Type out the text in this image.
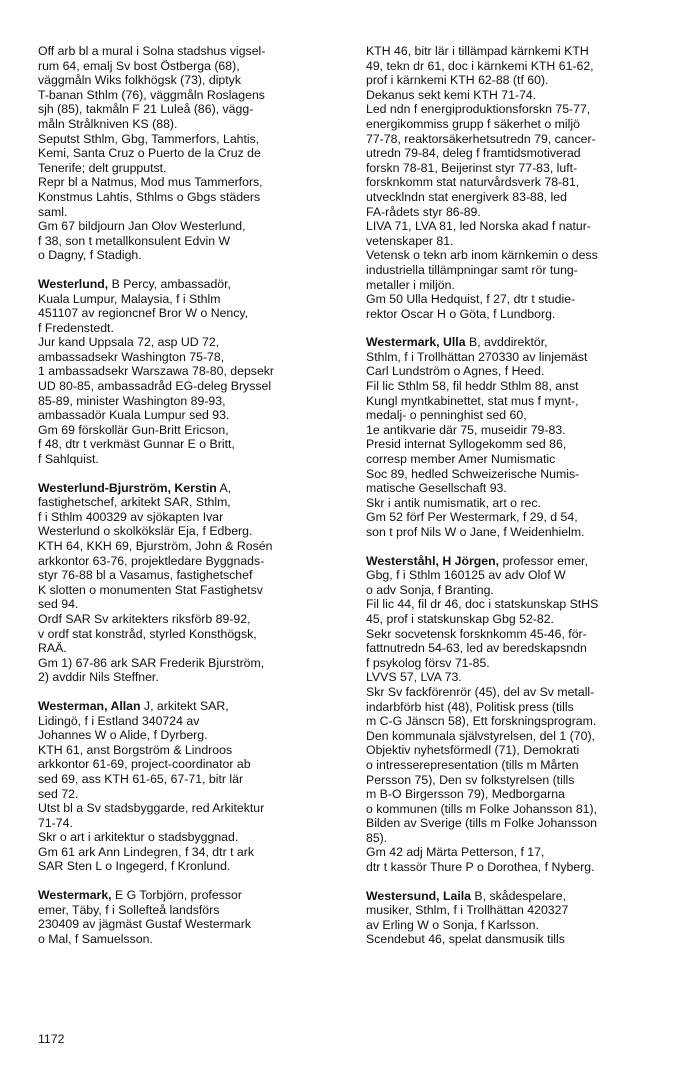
Off arb bl a mural i Solna stadshus vigsel-
rum 64, emalj Sv bost Östberga (68),
väggmåln Wiks folkhögsk (73), diptyk
T-banan Sthlm (76), väggmåln Roslagens
sjh (85), takmåln F 21 Luleå (86), vägg-
måln Strålkniven KS (88).
Seputst Sthlm, Gbg, Tammerfors, Lahtis,
Kemi, Santa Cruz o Puerto de la Cruz de
Tenerife; delt gruppu​tst.
Repr bl a Natmus, Mod mus Tammerfors,
Konstmus Lahtis, Sthlms o Gbgs städers
saml.
Gm 67 bildjourn Jan Olov Westerlund,
f 38, son t metallkonsulent Edvin W
o Dagny, f Stadigh.
Westerlund, B Percy, ambassadör,
Kuala Lumpur, Malaysia, f i Sthlm
451107 av regioncnef Bror W o Nency,
f Fredenstedt.
Jur kand Uppsala 72, asp UD 72,
ambassadsekr Washington 75-78,
1 ambassadsekr Warszawa 78-80, depsekr
UD 80-85, ambassadråd EG-deleg Bryssel
85-89, minister Washington 89-93,
ambassadör Kuala Lumpur sed 93.
Gm 69 förskollär Gun-Britt Ericson,
f 48, dtr t verkmäst Gunnar E o Britt,
f Sahlquist.
Westerlund-Bjurström, Kerstin A,
fastighetschef, arkitekt SAR, Sthlm,
f i Sthlm 400329 av sjökapten Ivar
Westerlund o skolkökslär Eja, f Edberg.
KTH 64, KKH 69, Bjurström, John & Rosén
arkkontor 63-76, projektledare Byggnads-
styr 76-88 bl a Vasamus, fastighetschef
K slotten o monumenten Stat Fastighetsv
sed 94.
Ordf SAR Sv arkitekters riksförb 89-92,
v ordf stat konstråd, styrled Konsthögsk,
RAÄ.
Gm 1) 67-86 ark SAR Frederik Bjurström,
2) avddir Nils Steffner.
Westerman, Allan J, arkitekt SAR,
Lidingö, f i Estland 340724 av
Johannes W o Alide, f Dyrberg.
KTH 61, anst Borgström & Lindroos
arkkontor 61-69, project-coordinator ab
sed 69, ass KTH 61-65, 67-71, bitr lär
sed 72.
Utst bl a Sv stadsbyggarde, red Arkitektur
71-74.
Skr o art i arkitektur o stadsbyggnad.
Gm 61 ark Ann Lindegren, f 34, dtr t ark
SAR Sten L o Ingegerd, f Kronlund.
Westermark, E G Torbjörn, professor
emer, Täby, f i Sollefteå landsförs
230409 av jägmäst Gustaf Westermark
o Mal, f Samuelsson.
KTH 46, bitr lär i tillämpad kärnkemi KTH
49, tekn dr 61, doc i kärnkemi KTH 61-62,
prof i kärnkemi KTH 62-88 (tf 60).
Dekanus sekt kemi KTH 71-74.
Led ndn f energiproduktionsforskn 75-77,
energikommiss grupp f säkerhet o miljö
77-78, reaktorsäkerhetsutredn 79, cancer-
utredn 79-84, deleg f framtidsmotiverad
forskn 78-81, Beijerinst styr 77-83, luft-
forsknkomm stat naturvårdsverk 78-81,
utvecklndn stat energiverk 83-88, led
FA-rådets styr 86-89.
LIVA 71, LVA 81, led Norska akad f natur-
vetenskaper 81.
Vetensk o tekn arb inom kärnkemin o dess
industriella tillämpningar samt rör tung-
metaller i miljön.
Gm 50 Ulla Hedquist, f 27, dtr t studie-
rektor Oscar H o Göta, f Lundborg.
Westermark, Ulla B, avddirektör,
Sthlm, f i Trollhättan 270330 av linjemäst
Carl Lundström o Agnes, f Heed.
Fil lic Sthlm 58, fil heddr Sthlm 88, anst
Kungl myntkabinettet, stat mus f mynt-,
medalj- o penninghist sed 60,
1e antikvarie där 75, museidir 79-83.
Presid internat Sylloge​komm sed 86,
corresp member Amer Numismatic
Soc 89, hedled Schweizerische Numis-
matische Gesellschaft 93.
Skr i antik numismatik, art o rec.
Gm 52 förf Per Westermark, f 29, d 54,
son t prof Nils W o Jane, f Weidenhielm.
Westerståhl, H Jörgen, professor emer,
Gbg, f i Sthlm 160125 av adv Olof W
o adv Sonja, f Branting.
Fil lic 44, fil dr 46, doc i statskunskap StHS
45, prof i statskunskap Gbg 52-82.
Sekr socvetensk forsknkomm 45-46, för-
fattnutredn 54-63, led av beredskapsndn
f psykolog försv 71-85.
LVVS 57, LVA 73.
Skr Sv fackförenrör (45), del av Sv metall-
indarbförb hist (48), Politisk press (tills
m C-G Jänscn 58), Ett forskningsprogram.
Den kommunala självstyrelsen, del 1 (70),
Objektiv nyhetsförmedl (71), Demokrati
o intresserepresentation (tills m Mårten
Persson 75), Den sv folkstyrelsen (tills
m B-O Birgersson 79), Medborgarna
o kommunen (tills m Folke Johansson 81),
Bilden av Sverige (tills m Folke Johansson
85).
Gm 42 adj Märta Petterson, f 17,
dtr t kassör Thure P o Dorothea, f Nyberg.
Westersund, Laila B, skådespelare,
musiker, Sthlm, f i Trollhättan 420327
av Erling W o Sonja, f Karlsson.
Scendebut 46, spelat dansmusik tills
1172
